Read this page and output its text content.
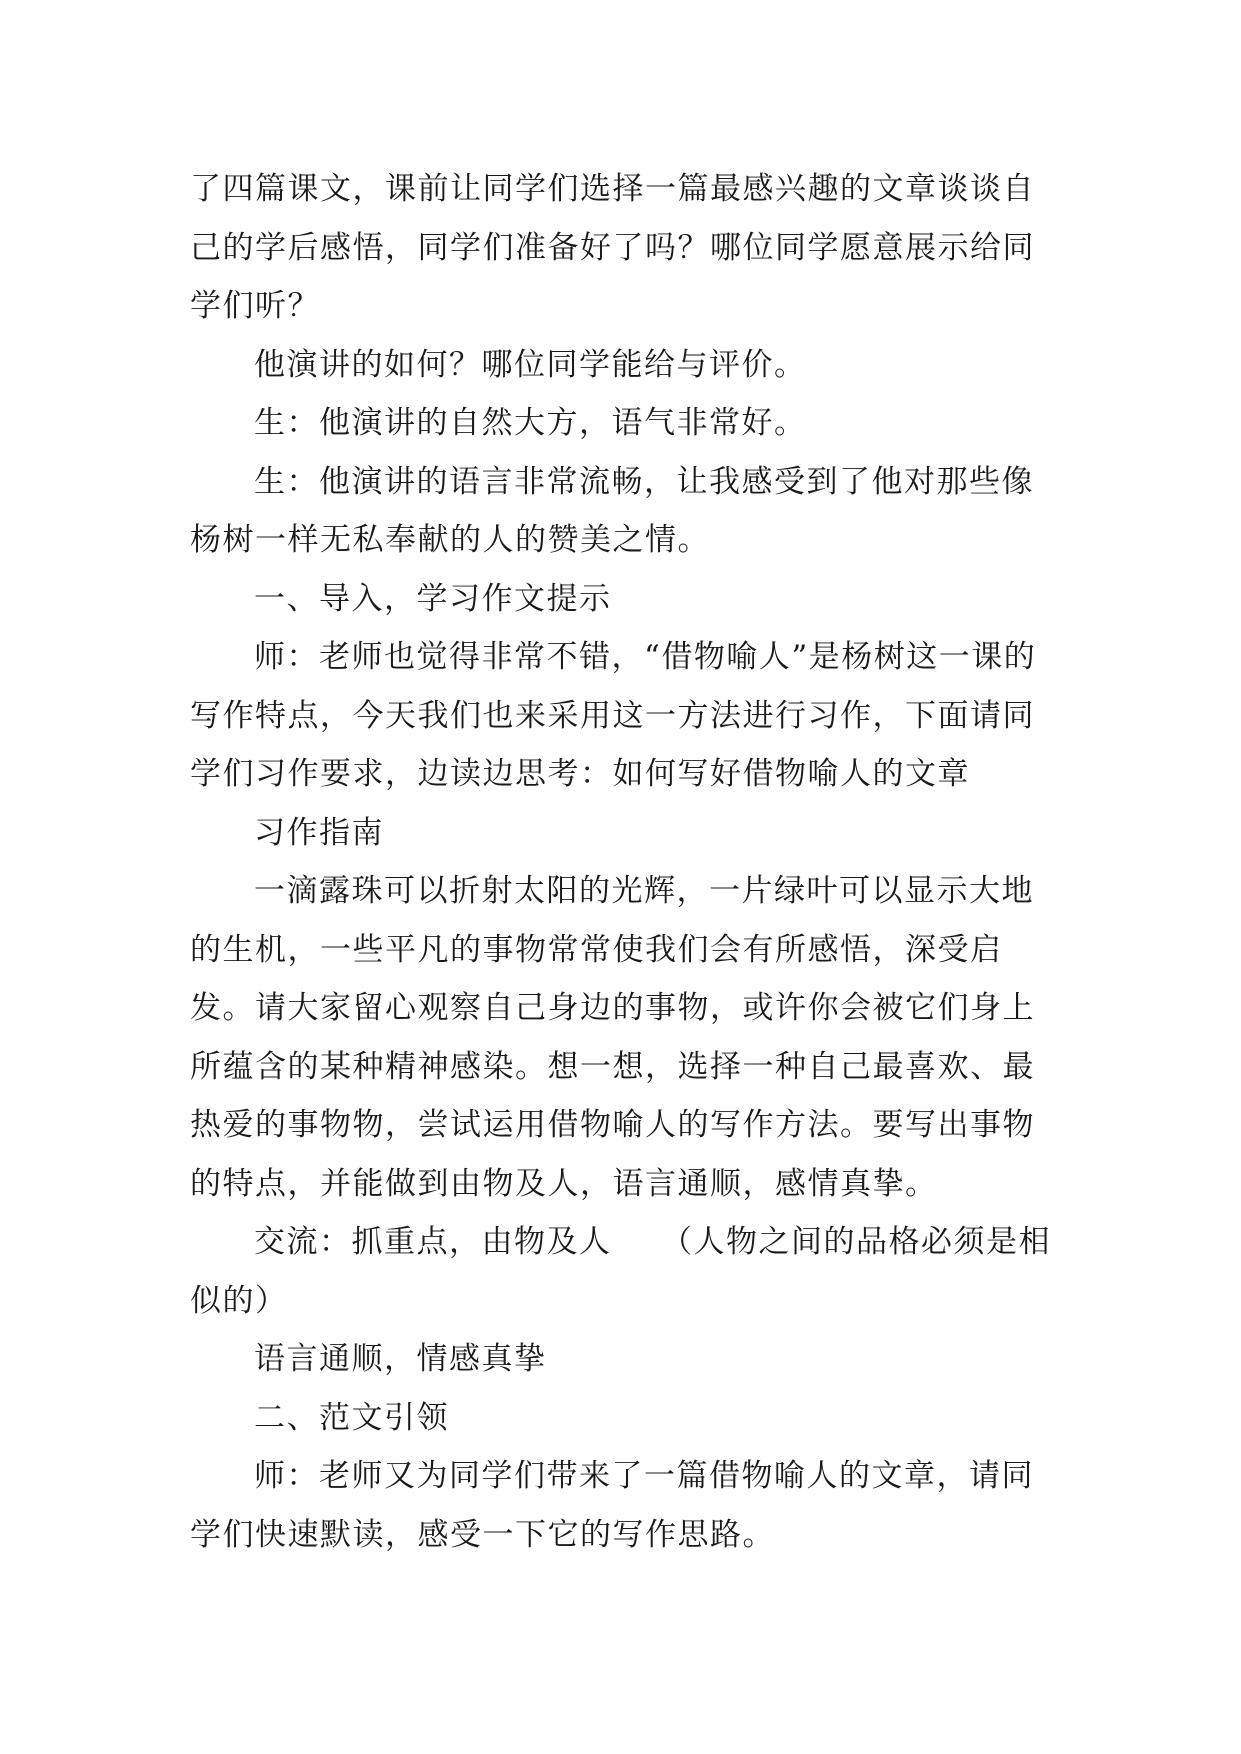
了四篇课文，课前让同学们选择一篇最感兴趣的文章谈谈自己的学后感悟，同学们准备好了吗？哪位同学愿意展示给同学们听？

他演讲的如何？哪位同学能给与评价。

生：他演讲的自然大方，语气非常好。

生：他演讲的语言非常流畅，让我感受到了他对那些像杨树一样无私奉献的人的赞美之情。

一、导入，学习作文提示

师：老师也觉得非常不错，“借物喻人”是杨树这一课的写作特点，今天我们也来采用这一方法进行习作，下面请同学们习作要求，边读边思考：如何写好借物喻人的文章

习作指南

一滴露珠可以折射太阳的光辉，一片绿叶可以显示大地的生机，一些平凡的事物常常使我们会有所感悟，深受启发。请大家留心观察自己身边的事物，或许你会被它们身上所蕴含的某种精神感染。想一想，选择一种自己最喜欢、最热爱的事物物，尝试运用借物喻人的写作方法。要写出事物的特点，并能做到由物及人，语言通顺，感情真挚。

交流：抓重点，由物及人　　（人物之间的品格必须是相似的）

语言通顺，情感真挚

二、范文引领

师：老师又为同学们带来了一篇借物喻人的文章，请同学们快速默读，感受一下它的写作思路。
